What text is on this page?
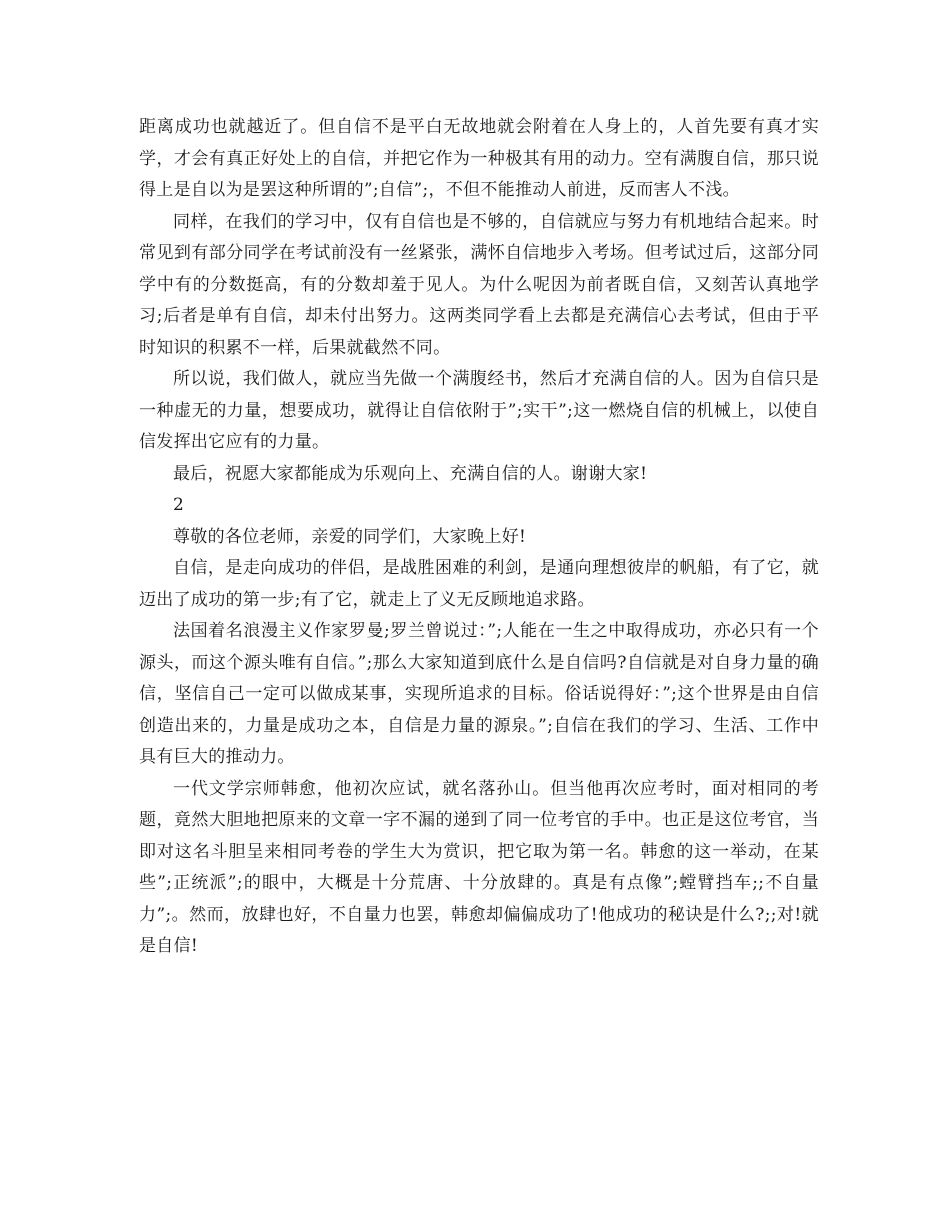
距离成功也就越近了。但自信不是平白无故地就会附着在人身上的，人首先要有真才实学，才会有真正好处上的自信，并把它作为一种极其有用的动力。空有满腹自信，那只说得上是自以为是罢这种所谓的”;自信”;，不但不能推动人前进，反而害人不浅。

同样，在我们的学习中，仅有自信也是不够的，自信就应与努力有机地结合起来。时常见到有部分同学在考试前没有一丝紧张，满怀自信地步入考场。但考试过后，这部分同学中有的分数挺高，有的分数却羞于见人。为什么呢因为前者既自信，又刻苦认真地学习;后者是单有自信，却未付出努力。这两类同学看上去都是充满信心去考试，但由于平时知识的积累不一样，后果就截然不同。

所以说，我们做人，就应当先做一个满腹经书，然后才充满自信的人。因为自信只是一种虚无的力量，想要成功，就得让自信依附于”;实干”;这一燃烧自信的机械上，以使自信发挥出它应有的力量。

最后，祝愿大家都能成为乐观向上、充满自信的人。谢谢大家!

2

尊敬的各位老师，亲爱的同学们，大家晚上好!

自信，是走向成功的伴侣，是战胜困难的利剑，是通向理想彼岸的帆船，有了它，就迈出了成功的第一步;有了它，就走上了义无反顾地追求路。

法国着名浪漫主义作家罗曼;罗兰曾说过：”;人能在一生之中取得成功，亦必只有一个源头，而这个源头唯有自信。”;那么大家知道到底什么是自信吗?自信就是对自身力量的确信，坚信自己一定可以做成某事，实现所追求的目标。俗话说得好：”;这个世界是由自信创造出来的，力量是成功之本，自信是力量的源泉。”;自信在我们的学习、生活、工作中具有巨大的推动力。

一代文学宗师韩愈，他初次应试，就名落孙山。但当他再次应考时，面对相同的考题，竟然大胆地把原来的文章一字不漏的递到了同一位考官的手中。也正是这位考官，当即对这名斗胆呈来相同考卷的学生大为赏识，把它取为第一名。韩愈的这一举动，在某些”;正统派”;的眼中，大概是十分荒唐、十分放肆的。真是有点像”;螳臂挡车;;不自量力”;。然而，放肆也好，不自量力也罢，韩愈却偏偏成功了!他成功的秘诀是什么?;;对!就是自信!
